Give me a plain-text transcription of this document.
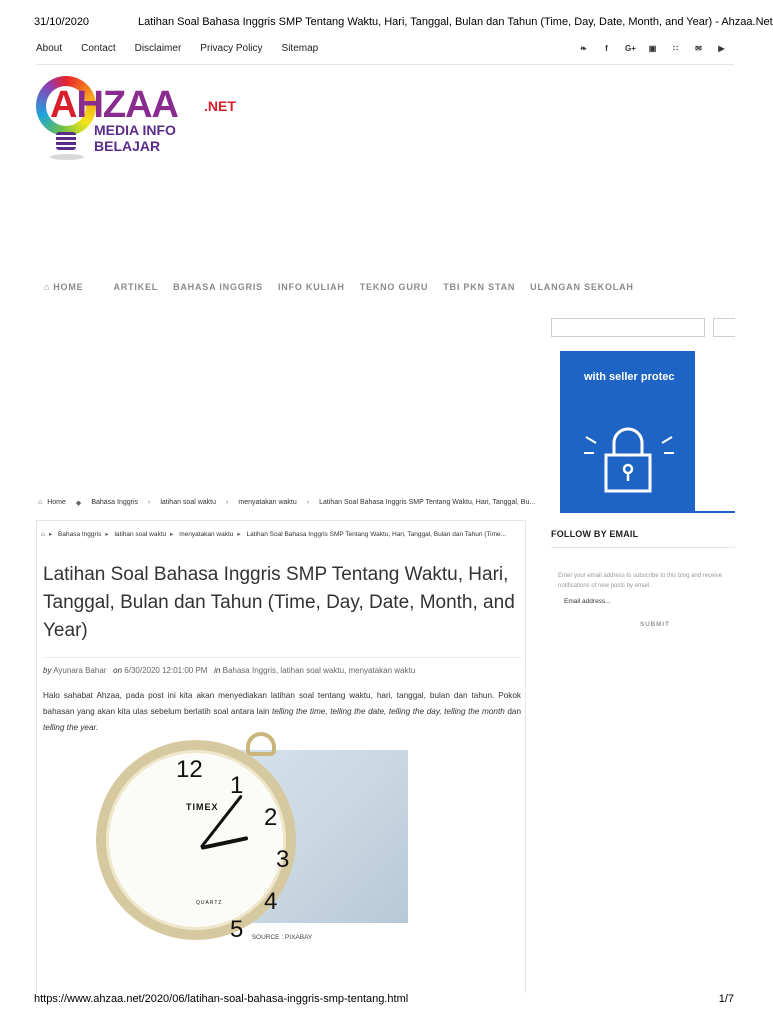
31/10/2020	Latihan Soal Bahasa Inggris SMP Tentang Waktu, Hari, Tanggal, Bulan dan Tahun (Time, Day, Date, Month, and Year) - Ahzaa.Net
About Contact Disclaimer Privacy Policy Sitemap	❧	f	G+ ▣ ∷ ✉ ▶
AHZAA .NET
MEDIA INFO BELAJAR
⌂ HOME	ARTIKEL BAHASA INGGRIS INFO KULIAH TEKNO GURU TBI PKN STAN ULANGAN SEKOLAH
⌂ Home ◆ Bahasa Inggris › latihan soal waktu › menyatakan waktu › Latihan Soal Bahasa Inggris SMP Tentang Waktu, Hari, Tanggal, Bu...
⌂ ▸ Bahasa Inggris ▸ latihan soal waktu ▸ menyatakan waktu ▸ Latihan Soal Bahasa Inggris SMP Tentang Waktu, Hari, Tanggal, Bulan dan Tahun (Time...
Latihan Soal Bahasa Inggris SMP Tentang Waktu, Hari, Tanggal, Bulan dan Tahun (Time, Day, Date, Month, and Year)
by Ayunara Bahar on 6/30/2020 12:01:00 PM in Bahasa Inggris, latihan soal waktu, menyatakan waktu

Halo sahabat Ahzaa, pada post ini kita akan menyediakan latihan soal tentang waktu, hari, tanggal, bulan dan tahun. Pokok bahasan yang akan kita ulas sebelum berlatih soal antara lain telling the time, telling the date, telling the day, telling the month dan telling the year.

12
1
2
3
4
5
TIMEX
QUARTZ
SOURCE : PIXABAY
with seller protec
FOLLOW BY EMAIL
Enter your email address to subscribe to this blog and receive notifications of new posts by email.
Email address...
SUBMIT
https://www.ahzaa.net/2020/06/latihan-soal-bahasa-inggris-smp-tentang.html	1/7
